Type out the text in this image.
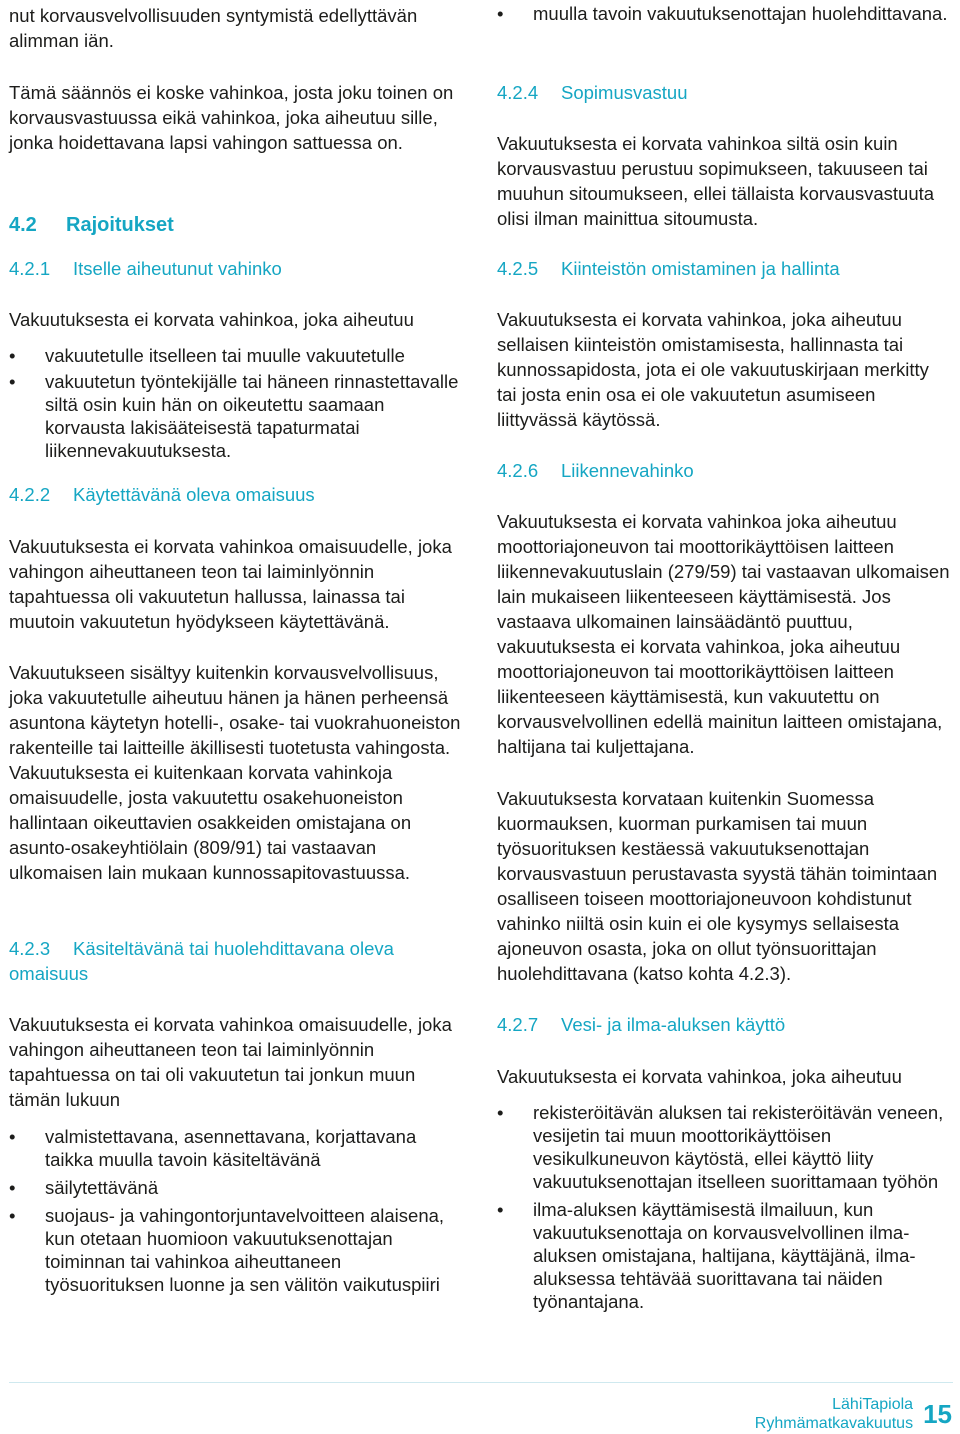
nut korvausvelvollisuuden syntymistä edellyttävän alimman iän.

Tämä säännös ei koske vahinkoa, josta joku toinen on korvausvastuussa eikä vahinkoa, joka aiheutuu sille, jonka hoidettavana lapsi vahingon sattuessa on.

4.2 Rajoitukset
4.2.1 Itselle aiheutunut vahinko

Vakuutuksesta ei korvata vahinkoa, joka aiheutuu

• vakuutetulle itselleen tai muulle vakuutetulle
• vakuutetun työntekijälle tai häneen rinnastettavalle siltä osin kuin hän on oikeutettu saamaan korvausta lakisääteisestä tapaturmatai liikennevakuutuksesta.
4.2.2 Käytettävänä oleva omaisuus

Vakuutuksesta ei korvata vahinkoa omaisuudelle, joka vahingon aiheuttaneen teon tai laiminlyönnin tapahtuessa oli vakuutetun hallussa, lainassa tai muutoin vakuutetun hyödykseen käytettävänä.

Vakuutukseen sisältyy kuitenkin korvausvelvollisuus, joka vakuutetulle aiheutuu hänen ja hänen perheensä asuntona käytetyn hotelli-, osake- tai vuokrahuoneiston rakenteille tai laitteille äkillisesti tuotetusta vahingosta. Vakuutuksesta ei kuitenkaan korvata vahinkoja omaisuudelle, josta vakuutettu osakehuoneiston hallintaan oikeuttavien osakkeiden omistajana on asunto-osakeyhtiölain (809/91) tai vastaavan ulkomaisen lain mukaan kunnossapitovastuussa.

4.2.3 Käsiteltävänä tai huolehdittavana oleva omaisuus

Vakuutuksesta ei korvata vahinkoa omaisuudelle, joka vahingon aiheuttaneen teon tai laiminlyönnin tapahtuessa on tai oli vakuutetun tai jonkun muun tämän lukuun

• valmistettavana, asennettavana, korjattavana taikka muulla tavoin käsiteltävänä
• säilytettävänä
• suojaus- ja vahingontorjuntavelvoitteen alaisena, kun otetaan huomioon vakuutuksenottajan toiminnan tai vahinkoa aiheuttaneen työsuorituksen luonne ja sen välitön vaikutuspiiri
• muulla tavoin vakuutuksenottajan huolehdittavana.
4.2.4 Sopimusvastuu

Vakuutuksesta ei korvata vahinkoa siltä osin kuin korvausvastuu perustuu sopimukseen, takuuseen tai muuhun sitoumukseen, ellei tällaista korvausvastuuta olisi ilman mainittua sitoumusta.

4.2.5 Kiinteistön omistaminen ja hallinta

Vakuutuksesta ei korvata vahinkoa, joka aiheutuu sellaisen kiinteistön omistamisesta, hallinnasta tai kunnossapidosta, jota ei ole vakuutuskirjaan merkitty tai josta enin osa ei ole vakuutetun asumiseen liittyvässä käytössä.

4.2.6 Liikennevahinko

Vakuutuksesta ei korvata vahinkoa joka aiheutuu moottoriajoneuvon tai moottorikäyttöisen laitteen liikennevakuutuslain (279/59) tai vastaavan ulkomaisen lain mukaiseen liikenteeseen käyttämisestä. Jos vastaava ulkomainen lainsäädäntö puuttuu, vakuutuksesta ei korvata vahinkoa, joka aiheutuu moottoriajoneuvon tai moottorikäyttöisen laitteen liikenteeseen käyttämisestä, kun vakuutettu on korvausvelvollinen edellä mainitun laitteen omistajana, haltijana tai kuljettajana.

Vakuutuksesta korvataan kuitenkin Suomessa kuormauksen, kuorman purkamisen tai muun työsuorituksen kestäessä vakuutuksenottajan korvausvastuun perustavasta syystä tähän toimintaan osalliseen toiseen moottoriajoneuvoon kohdistunut vahinko niiltä osin kuin ei ole kysymys sellaisesta ajoneuvon osasta, joka on ollut työnsuorittajan huolehdittavana (katso kohta 4.2.3).

4.2.7 Vesi- ja ilma-aluksen käyttö

Vakuutuksesta ei korvata vahinkoa, joka aiheutuu

• rekisteröitävän aluksen tai rekisteröitävän veneen, vesijetin tai muun moottorikäyttöisen vesikulkuneuvon käytöstä, ellei käyttö liity vakuutuksenottajan itselleen suorittamaan työhön
• ilma-aluksen käyttämisestä ilmailuun, kun vakuutuksenottaja on korvausvelvollinen ilma-aluksen omistajana, haltijana, käyttäjänä, ilma-aluksessa tehtävää suorittavana tai näiden työnantajana.
LähiTapiola
Ryhmämatkavakuutus 15
